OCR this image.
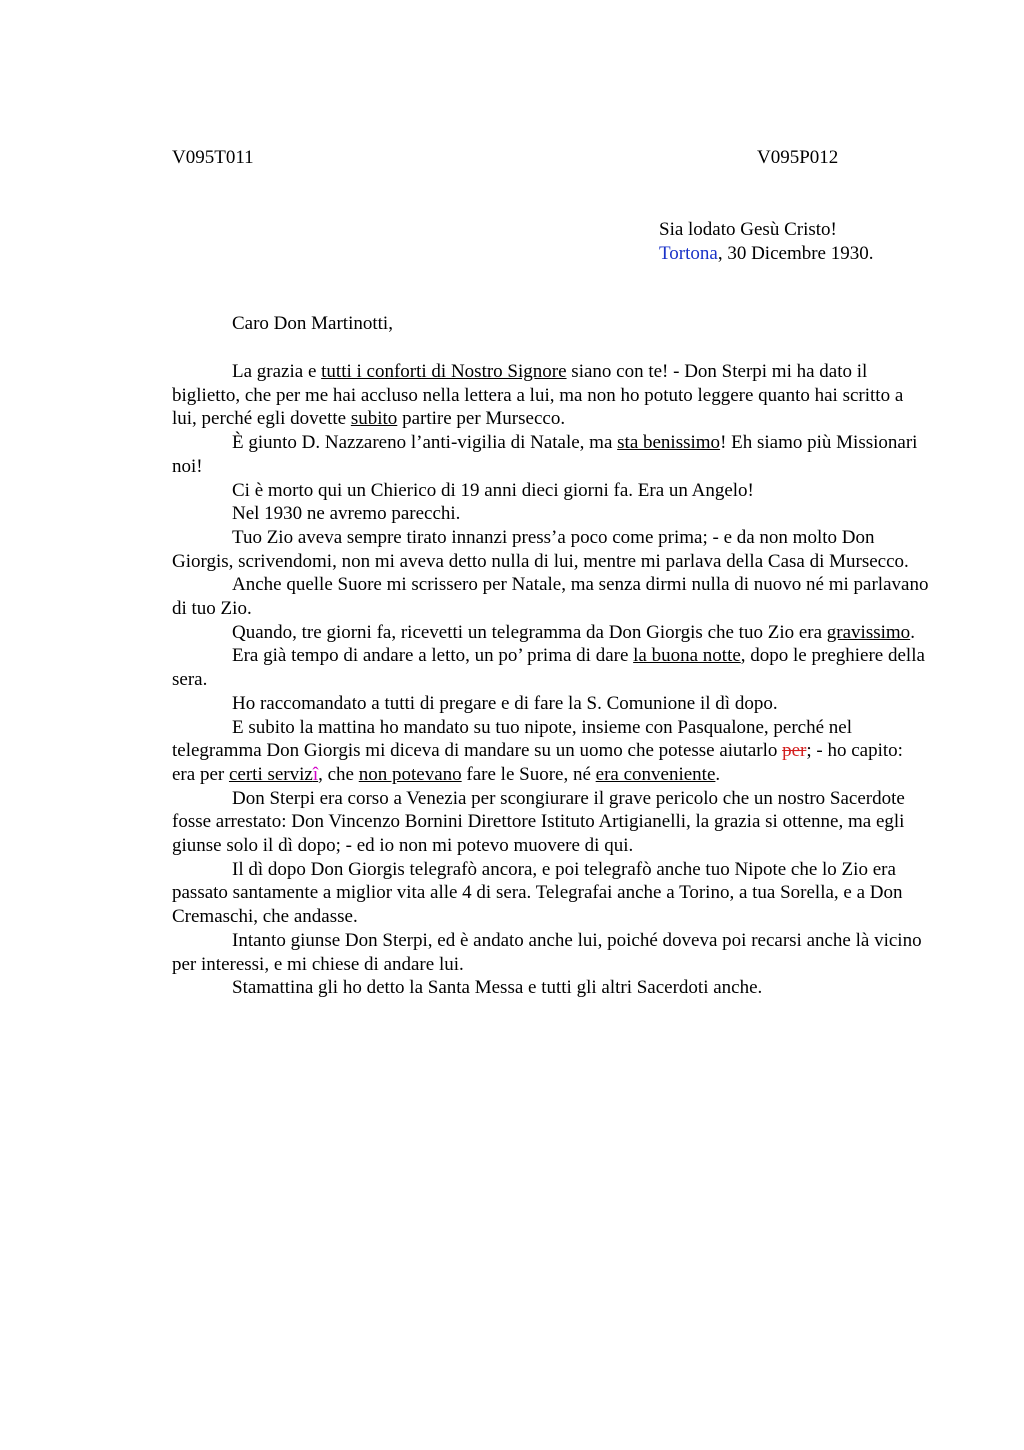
V095T011	V095P012

Sia lodato Gesù Cristo!
Tortona, 30 Dicembre 1930.

Caro Don Martinotti,

La grazia e tutti i conforti di Nostro Signore siano con te! - Don Sterpi mi ha dato il biglietto, che per me hai accluso nella lettera a lui, ma non ho potuto leggere quanto hai scritto a lui, perché egli dovette subito partire per Mursecco.

È giunto D. Nazzareno l’anti-vigilia di Natale, ma sta benissimo! Eh siamo più Missionari noi!

Ci è morto qui un Chierico di 19 anni dieci giorni fa. Era un Angelo!

Nel 1930 ne avremo parecchi.

Tuo Zio aveva sempre tirato innanzi press’a poco come prima; - e da non molto Don Giorgis, scrivendomi, non mi aveva detto nulla di lui, mentre mi parlava della Casa di Mursecco.

Anche quelle Suore mi scrissero per Natale, ma senza dirmi nulla di nuovo né mi parlavano di tuo Zio.

Quando, tre giorni fa, ricevetti un telegramma da Don Giorgis che tuo Zio era gravissimo.

Era già tempo di andare a letto, un po’ prima di dare la buona notte, dopo le preghiere della sera.

Ho raccomandato a tutti di pregare e di fare la S. Comunione il dì dopo.

E subito la mattina ho mandato su tuo nipote, insieme con Pasqualone, perché nel telegramma Don Giorgis mi diceva di mandare su un uomo che potesse aiutarlo per; - ho capito: era per certi servizî, che non potevano fare le Suore, né era conveniente.

Don Sterpi era corso a Venezia per scongiurare il grave pericolo che un nostro Sacerdote fosse arrestato: Don Vincenzo Bornini Direttore Istituto Artigianelli, la grazia si ottenne, ma egli giunse solo il dì dopo; - ed io non mi potevo muovere di qui.

Il dì dopo Don Giorgis telegrafò ancora, e poi telegrafò anche tuo Nipote che lo Zio era passato santamente a miglior vita alle 4 di sera. Telegrafai anche a Torino, a tua Sorella, e a Don Cremaschi, che andasse.

Intanto giunse Don Sterpi, ed è andato anche lui, poiché doveva poi recarsi anche là vicino per interessi, e mi chiese di andare lui.

Stamattina gli ho detto la Santa Messa e tutti gli altri Sacerdoti anche.
